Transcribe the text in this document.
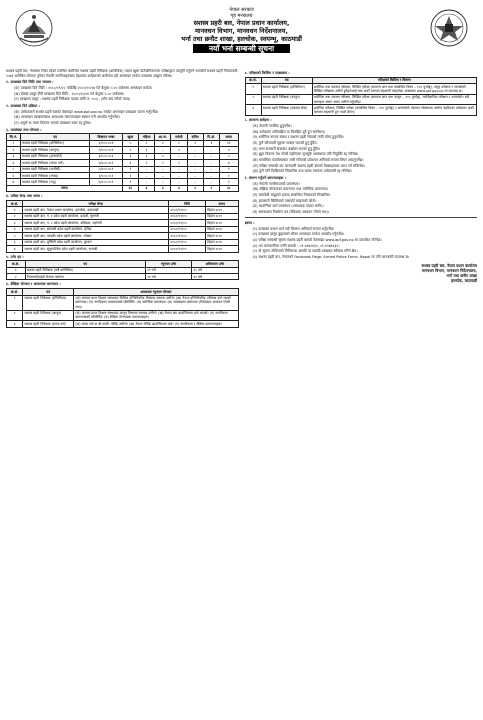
नेपाल सरकार
गृह मन्त्रालय
सशस्त्र प्रहरी बल, नेपाल प्रधान कार्यालय,
मानवधन विभाग, मानवधन निर्देशनालय,
भर्ना तथा छनौट शाखा, हलचोक, स्वयम्भू, काठमाडौं
नयाँ भर्ना सम्बन्धी सूचना

सशस्त्र प्रहरी बल, नेपालमा रिक्त रहेको तपसिल बमोजिम सशस्त्र प्रहरी निरीक्षक (प्राविधिक) पदमा खुला प्रतियोगितात्मक परीक्षाद्वारा पदपूर्ति गर्नुपर्ने भएकोले सशस्त्र प्रहरी नियमावली, २०७२ बमोजिम योग्यता पुगेका नेपाली नागरिकहरूबाट देहायका शर्तहरूको अधीनमा रही अनलाइन मार्फत दरखास्त आह्वान गरिन्छ।

१. दरखास्त दिने मिति तथा माध्यम :
(क) दरखास्त दिने मिति : २०८०/०९/२८ गतेदेखि २०८०/१०/१७ गते बेलुका ५:०० बजेसम्म अनलाइन मार्फत।
(ख) दोब्बर दस्तुर तिरी दरखास्त दिने मिति : २०८०/१०/२४ गते बेलुका ५:०० बजेसम्म।
(ग) दरखास्त दस्तुर : सशस्त्र प्रहरी निरीक्षक पदका लागि रु. ५००/- (पाँच सय रुपैयाँ मात्र)।
२. दरखास्त दिने प्रक्रिया :
(क) उम्मेदवारले सशस्त्र प्रहरी बलको वेबसाइट www.apf.gov.np मार्फत अनलाइन दरखास्त फारम भर्नुपर्नेछ।
(ख) अनलाइन दरखास्तसाथ आवश्यक कागजातहरू स्क्यान गरी अपलोड गर्नुपर्नेछ।
(ग) अपूर्ण वा गलत विवरण भएको दरखास्त स्वतः रद्द हुनेछ।
३. पदसंख्या तथा योग्यता :
सि.नं.	पद	विज्ञापन नम्बर	खुला	महिला	आ.ज.	मधेसी	दलित	पि.क्षे.	जम्मा
१	सशस्त्र प्रहरी निरीक्षक (इन्जिनियर)	१/०८०-०८१	५	२	१	१	१	१	११
२	सशस्त्र प्रहरी निरीक्षक (कानून)	२/०८०-०८१	२	१	–	१	–	–	४
३	सशस्त्र प्रहरी निरीक्षक (ट्रान्सपोर्ट)	३/०८०-०८१	३	१	१	–	–	–	५
४	सशस्त्र प्रहरी निरीक्षक (स्टाफ नर्स)	४/०८०-०८१	३	२	१	१	–	–	७
५	सशस्त्र प्रहरी निरीक्षक (फार्मेसी)	५/०८०-०८१	१	–	–	–	–	–	१
६	सशस्त्र प्रहरी निरीक्षक (ल्याब)	६/०८०-०८१	१	–	–	–	–	–	१
७	सशस्त्र प्रहरी निरीक्षक (पशु)	७/०८०-०८१	१	–	–	–	–	–	१
जम्मा			१६	६	३	३	१	१	३०
४. परीक्षा केन्द्र तथा समय :
क्र.सं.	परीक्षा केन्द्र	मिति	समय
१	सशस्त्र प्रहरी बल, नेपाल प्रधान कार्यालय, हलचोक, काठमाडौं	२०८०/११/०५	बिहान ७:००
२	सशस्त्र प्रहरी बल, नं. १ प्रदेश प्रहरी कार्यालय, इटहरी, सुनसरी	२०८०/११/०५	बिहान ७:००
३	सशस्त्र प्रहरी बल, नं. २ प्रदेश प्रहरी कार्यालय, बर्दिबास, महोत्तरी	२०८०/११/०५	बिहान ७:००
४	सशस्त्र प्रहरी बल, बागमती प्रदेश प्रहरी कार्यालय, हेटौंडा	२०८०/११/०५	बिहान ७:००
५	सशस्त्र प्रहरी बल, गण्डकी प्रदेश प्रहरी कार्यालय, पोखरा	२०८०/११/०५	बिहान ७:००
६	सशस्त्र प्रहरी बल, लुम्बिनी प्रदेश प्रहरी कार्यालय, बुटवल	२०८०/११/०५	बिहान ७:००
७	सशस्त्र प्रहरी बल, सुदूरपश्चिम प्रदेश प्रहरी कार्यालय, धनगढी	२०८०/११/०५	बिहान ७:००
५. उमेर हद :
क्र.सं.	पद	न्यूनतम उमेर	अधिकतम उमेर
१	सशस्त्र प्रहरी निरीक्षक (सबै प्राविधिक)	२१ वर्ष	२५ वर्ष
२	निजामती/प्रहरी सेवामा कार्यरत	२१ वर्ष	३० वर्ष
६. शैक्षिक योग्यता र आवश्यक कागजात :
क्र.सं.	पद	आवश्यक न्यूनतम योग्यता
१	सशस्त्र प्रहरी निरीक्षक (इन्जिनियर)	(क) मान्यता प्राप्त शिक्षण संस्थाबाट सिभिल इन्जिनियरिङ विषयमा स्नातक उत्तीर्ण। (ख) नेपाल इन्जिनियरिङ परिषद्मा दर्ता भएको प्रमाणपत्र। (ग) नागरिकता प्रमाणपत्रको प्रतिलिपि। (घ) चारित्रिक प्रमाणपत्र। (ङ) समकक्षता प्रमाणपत्र (विदेशबाट अध्ययन गरेको भए)।
२	सशस्त्र प्रहरी निरीक्षक (कानून)	(क) मान्यता प्राप्त शिक्षण संस्थाबाट कानून विषयमा स्नातक उत्तीर्ण। (ख) नेपाल बार काउन्सिलमा दर्ता भएको। (ग) नागरिकता प्रमाणपत्रको प्रतिलिपि। (घ) शैक्षिक योग्यताका प्रमाणपत्रहरू।
३	सशस्त्र प्रहरी निरीक्षक (स्टाफ नर्स)	(क) स्टाफ नर्स वा बी.एस्सी. नर्सिङ उत्तीर्ण। (ख) नेपाल नर्सिङ काउन्सिलमा दर्ता। (ग) नागरिकता र शैक्षिक प्रमाणपत्रहरू।
७. परीक्षाको किसिम र पाठ्यक्रम :
क्र.सं.	पद	परीक्षाको किसिम र विवरण
१	सशस्त्र प्रहरी निरीक्षक (इन्जिनियर)	शारीरिक तथा स्वास्थ्य परीक्षण, लिखित परीक्षा (सामान्य ज्ञान तथा सम्बन्धित विषय – १०० पूर्णाङ्क), समूह परीक्षण र अन्तर्वार्ता। लिखित परीक्षामा उत्तीर्ण हुनेहरूलाई मात्र अर्को चरणमा सहभागी गराइनेछ। पाठ्यक्रम www.apf.gov.np मा उपलब्ध छ।
२	सशस्त्र प्रहरी निरीक्षक (कानून)	शारीरिक तथा स्वास्थ्य परीक्षण, लिखित परीक्षा (सामान्य ज्ञान तथा कानून – १०० पूर्णाङ्क), मनोवैज्ञानिक परीक्षण र अन्तर्वार्ता। सबै चरणहरू अलग अलग उत्तीर्ण गर्नुपर्नेछ।
३	सशस्त्र प्रहरी निरीक्षक (स्वास्थ्य सेवा)	शारीरिक परीक्षण, लिखित परीक्षा (सम्बन्धित विषय – १०० पूर्णाङ्क) र अन्तर्वार्ता। स्वास्थ्य परीक्षणमा अयोग्य ठहरिएका उम्मेदवार अर्को चरणमा सहभागी हुन पाउने छैनन्।
८. सामान्य शर्तहरू :
(क) नेपाली नागरिक हुनुपर्नेछ।
(ख) उम्मेदवार अविवाहित वा विवाहित दुवै हुन सक्नेछन्।
(ग) शारीरिक रूपमा स्वस्थ र सशस्त्र प्रहरी सेवाको लागि योग्य हुनुपर्नेछ।
(घ) कुनै फौजदारी मुद्दामा सजाय पाएको हुनु हुँदैन।
(ङ) अन्य सरकारी सेवाबाट बर्खास्त भएको हुनु हुँदैन।
(च) झुटा विवरण पेश गरेको ठहरिएमा जुनसुकै अवस्थामा पनि नियुक्ति रद्द गरिनेछ।
(छ) सम्बन्धित कार्यालयबाट जारी गरिएको प्रवेशपत्र अनिवार्य रूपमा लिएर आउनुपर्नेछ।
(ज) परीक्षा सम्बन्धी थप जानकारी सशस्त्र प्रहरी बलको वेबसाइटबाट प्राप्त गर्न सकिनेछ।
(झ) कुनै पनि किसिमको सिफारिस तथा दबाब ल्याएमा उम्मेदवारी रद्द गरिनेछ।
९. संलग्न गर्नुपर्ने कागजातहरू :
(क) नेपाली नागरिकताको प्रमाणपत्र।
(ख) शैक्षिक योग्यताका प्रमाणपत्र तथा चारित्रिक प्रमाणपत्र।
(ग) समावेशी समूहको हकमा सम्बन्धित निकायको सिफारिस।
(घ) हालसालै खिचिएको पासपोर्ट साइजको फोटो।
(ङ) काउन्सिल दर्ता प्रमाणपत्र (आवश्यक पदका लागि)।
(च) समकक्षता निर्धारण पत्र (विदेशमा अध्ययन गरेको भए)।
द्रष्टव्य :
(१) दरखास्त फारम भर्दा सबै विवरण अनिवार्य रूपमा भर्नुपर्नेछ।
(२) दरखास्त दस्तुर बुझाएको भौचर अनलाइन मार्फत अपलोड गर्नुपर्नेछ।
(३) परीक्षा सम्बन्धी सूचना सशस्त्र प्रहरी बलको वेबसाइट www.apf.gov.np मा प्रकाशित गरिनेछ।
(४) थप जानकारीका लागि सम्पर्क : ०१-४२७१६३०, ०१-४२७१६३२।
(५) यो सूचना तोकिएको मितिभन्दा अगाडि वा पछाडि दरखास्त स्वीकार गरिने छैन।
(६) सशस्त्र प्रहरी बल, नेपालको Facebook Page: Armed Police Force, Nepal मा पनि जानकारी उपलब्ध छ।
सशस्त्र प्रहरी बल, नेपाल प्रधान कार्यालय
मानवधन विभाग, मानवधन निर्देशनालय,
भर्ना तथा छनौट शाखा
हलचोक, काठमाडौं
